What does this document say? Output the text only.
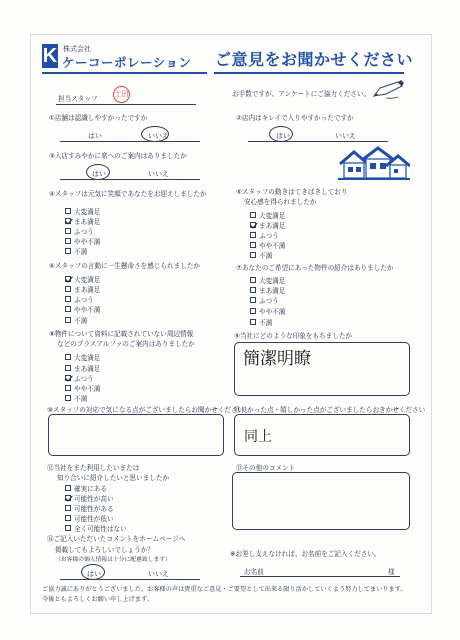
K 株式会社
ケーコーポレーション ご意見をお聞かせください
担当スタッフ
土田	お手数ですが、アンケートにご協力ください。
①店舗は認識しやすかったですか
はい	いいえ
②店内はキレイで入りやすかったですか
はい	いいえ
③入店すみやかに席へのご案内はありましたか
はい	いいえ
④スタッフは元気に笑顔であなたをお迎えしましたか
大変満足
まあ満足
ふつう
やや不満
不満
⑤スタッフの動きはてきぱきしており
安心感を得られましたか
大変満足
まあ満足
ふつう
やや不満
不満
⑥スタッフの言動に一生懸命さを感じられましたか
大変満足
まあ満足
ふつう
やや不満
不満
⑦あなたのご希望にあった物件の紹介はありましたか
大変満足
まあ満足
ふつう
やや不満
不満
⑧物件について資料に記載されていない周辺情報
などのプラスアルファのご案内はありましたか
大変満足
まあ満足
ふつう
やや不満
不満
⑨当社にどのような印象をもちましたか
簡潔明瞭
⑩スタッフの対応で気になる点がございましたらお聞かせください
⑪良かった点・嬉しかった点がございましたらおきかせください
同上
⑫当社をまた利用したいまたは
知り合いに紹介したいと思いましたか
確実にある
可能性が高い
可能性がある
可能性が低い
全く可能性はない
⑬その他のコメント
⑭ご記入いただいたコメントをホームページへ
掲載してもよろしいでしょうか？
（お客様の個人情報は十分に配慮致します）
はい	いいえ
※お差し支えなければ、お名前をご記入ください。
お名前	様
ご協力誠にありがとうございました。お客様の声は貴重なご意見・ご要望として出来る限り活かしていくよう努力してまいります。
今後ともよろしくお願い申し上げます。
